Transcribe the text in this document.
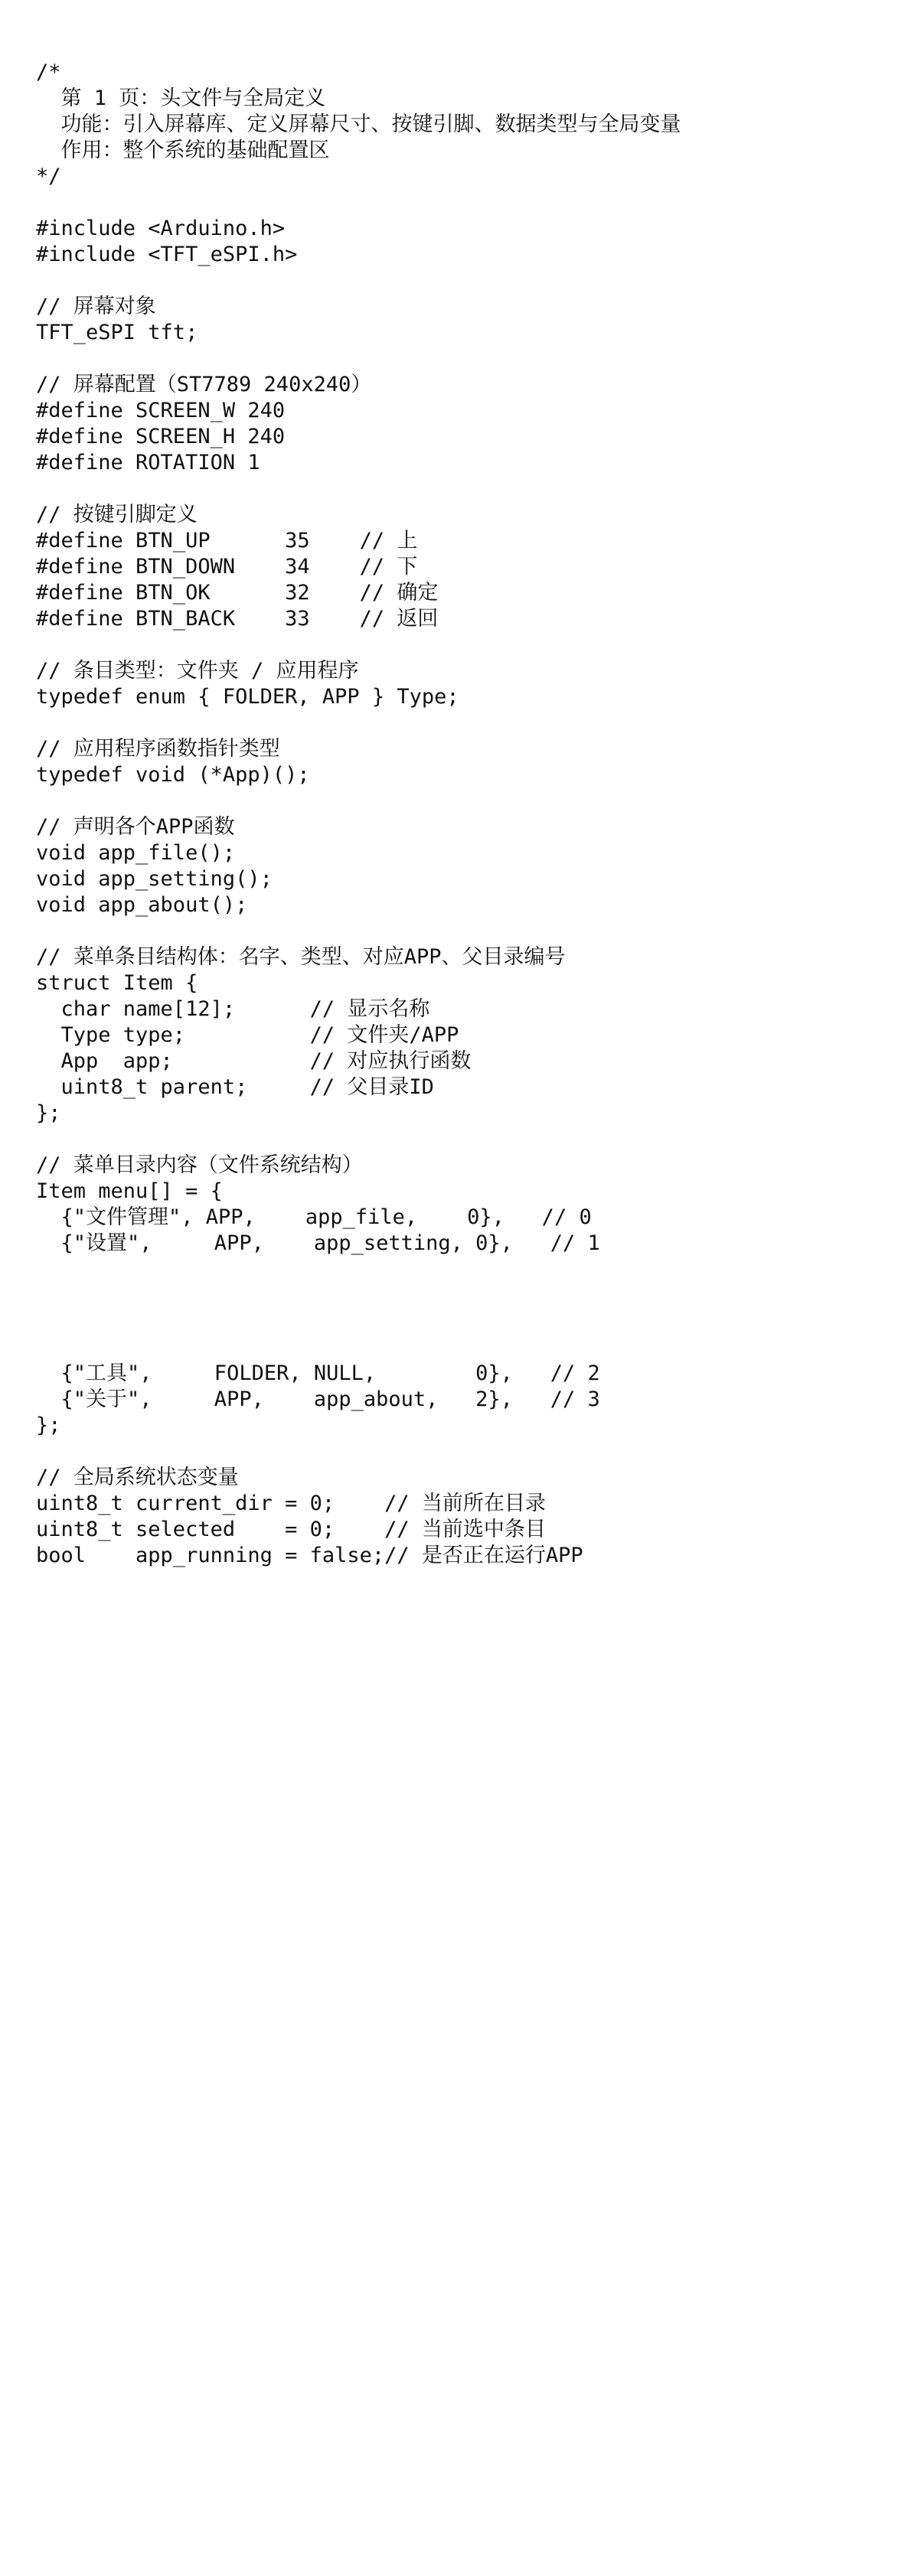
/*
第 1 页：头文件与全局定义
功能：引入屏幕库、定义屏幕尺寸、按键引脚、数据类型与全局变量
作用：整个系统的基础配置区
*/
#include <Arduino.h>
#include <TFT_eSPI.h>
// 屏幕对象
TFT_eSPI tft;
// 屏幕配置（ST7789 240x240）
#define SCREEN_W 240
#define SCREEN_H 240
#define ROTATION 1
// 按键引脚定义
#define BTN_UP      35    // 上
#define BTN_DOWN    34    // 下
#define BTN_OK      32    // 确定
#define BTN_BACK    33    // 返回
// 条目类型：文件夹 / 应用程序
typedef enum { FOLDER, APP } Type;
// 应用程序函数指针类型
typedef void (*App)();
// 声明各个APP函数
void app_file();
void app_setting();
void app_about();
// 菜单条目结构体：名字、类型、对应APP、父目录编号
struct Item {
char name[12];      // 显示名称
Type type;          // 文件夹/APP
App  app;           // 对应执行函数
uint8_t parent;     // 父目录ID
};
// 菜单目录内容（文件系统结构）
Item menu[] = {
{"文件管理", APP,    app_file,    0},   // 0
{"设置",     APP,    app_setting, 0},   // 1
{"工具",     FOLDER, NULL,        0},   // 2
{"关于",     APP,    app_about,   2},   // 3
};
// 全局系统状态变量
uint8_t current_dir = 0;    // 当前所在目录
uint8_t selected    = 0;    // 当前选中条目
bool    app_running = false;// 是否正在运行APP
